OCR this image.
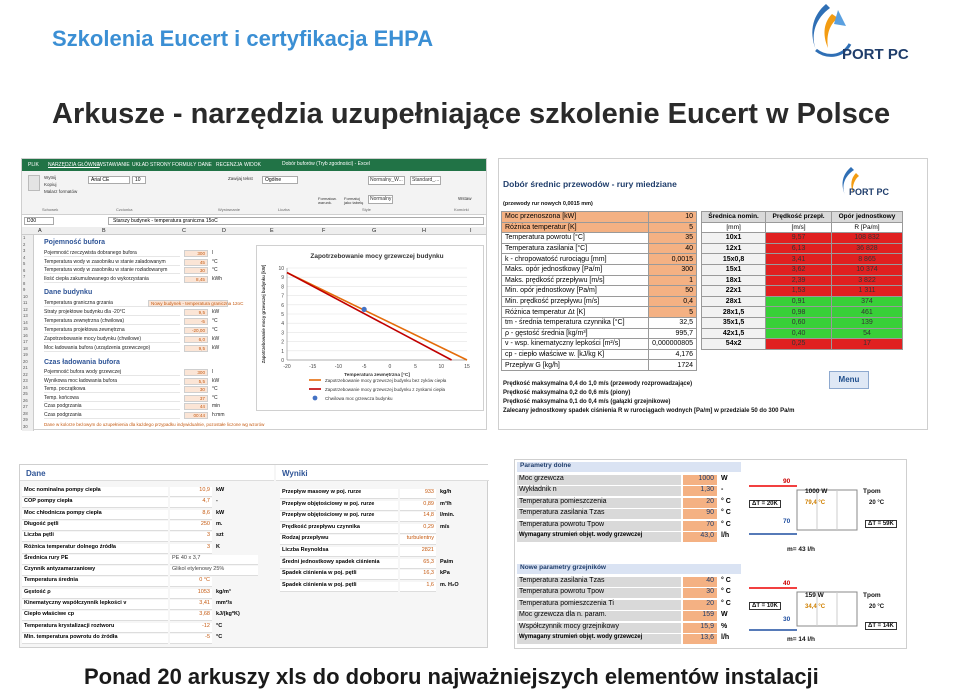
Szkolenia Eucert i certyfikacja EHPA
PORT PC
Arkusze - narzędzia uzupełniające szkolenie Eucert w Polsce
Dobór buforów (Tryb zgodności) - Excel
PLIK NARZĘDZIA GŁÓWNE
WSTAWIANIE UKŁAD STRONY FORMUŁY DANE RECENZJA WIDOK
Wytnij
Kopiuj
Malarz formatów
Arial CE	10	Zawijaj tekst	Ogólne	Normalny_W...	Standard_...
Formatow. warunk.
Formatuj jako tabelę
Normalny	Wstaw
Schowek	Czcionka	Wyrównanie	Liczba	Style	Komórki
D30	Starszy budynek - temperatura graniczna 15oC
A	B	C	D	E	F	G	H	I
1
2
3
4
5
6
7
8
9
10
11
12
13
14
15
16
17
18
19
20
21
22
23
24
25
26
27
28
29
30
Pojemność bufora
Pojemność rzeczywista dobranego bufora	300	l
Temperatura wody w zasobniku w stanie załadowanym	45	°C
Temperatura wody w zasobniku w stanie rozładowanym	30	°C
Ilość ciepła zakumulowanego do wykorzystania	8,45	kWh
Dane budynku
Temperatura graniczna grzania	Nowy budynek - temperatura graniczna 12oC
Straty projektowe budynku dla -20°C	9,5	kW
Temperatura zewnętrzna (chwilowa)	-5	°C
Temperatura projektowa zewnętrzna	-20,00	°C
Zapotrzebowanie mocy budynku (chwilowe)	6,0	kW
Moc ładowania bufora (urządzenia grzewczego)	9,5	kW
Czas ładowania bufora
Pojemność bufora wody grzewczej	300	l
Wynikowa moc ładowania bufora	5,5	kW
Temp. początkowa	30	°C
Temp. końcowa	37	°C
Czas podgrzania	44	min
Czas podgrzania	00:44	h:mm
Dane w kolorze beżowym do uzupełnienia dla każdego przypadku indywidualnie, pozostałe liczone wg wzorów
Zapotrzebowanie mocy grzewczej budynku
0
1
2
3
4
5
6
7
8
9
10
-20	-15	-10	-5	0	5	10	15
Temperatura zewnętrzna [°C]
Zapotrzebowanie mocy grzewczej budynku [kW]
Zapotrzebowanie mocy grzewczej budynku bez zyków ciepła
Zapotrzebowanie mocy grzewczej budynku z zyskami ciepła
Chwilowa moc grzewcza budynku
Dobór średnic przewodów - rury miedziane
(przewody rur nowych 0,0015 mm)
PORT PC
Moc przenoszona [kW]	10
Różnica temperatur [K]	5
Temperatura powrotu [°C]	35
Temperatura zasilania [°C]	40
k - chropowatość rurociągu [mm]	0,0015
Maks. opór jednostkowy [Pa/m]	300
Maks. prędkość przepływu [m/s]	1
Min. opór jednostkowy [Pa/m]	50
Min. prędkość przepływu [m/s]	0,4
Różnica temperatur Δt [K]	5
tm - średnia temperatura czynnika [°C]	32,5
ρ - gęstość średnia [kg/m³]	995,7
ν - wsp. kinematyczny lepkości [m²/s]	0,000000805
cp - ciepło właściwe w. [kJ/kg K]	4,176
Przepływ G [kg/h]	1724
Średnica nomin.	Prędkość przepł.	Opór jednostkowy
[mm]	[m/s]	R [Pa/m]
10x1	9,57	108 832
12x1	6,13	36 828
15x0,8	3,41	8 865
15x1	3,62	10 374
18x1	2,39	3 822
22x1	1,53	1 311
28x1	0,91	374
28x1,5	0,98	461
35x1,5	0,60	139
42x1,5	0,40	54
54x2	0,25	17
Prędkość maksymalna 0,4 do 1,0 m/s (przewody rozprowadzające)
Prędkość maksymalna 0,2 do 0,6 m/s (piony)
Prędkość maksymalna 0,1 do 0,4 m/s (gałązki grzejnikowe)
Zalecany jednostkowy spadek ciśnienia R w rurociągach wodnych [Pa/m] w przedziale 50 do 300 Pa/m
Menu
Dane	Wyniki
Moc nominalna pompy ciepła	10,9	kW
COP pompy ciepła	4,7	-
Moc chłodnicza pompy ciepła	8,6	kW
Długość pętli	250	m.
Liczba pętli	3	szt
Różnica temperatur dolnego źródła	3	K
Średnica rury PE	PE 40 x 3,7
Czynnik antyzamarzaniowy	Glikol etylenowy 25%
Temperatura średnia	0 °C
Gęstość ρ	1053	kg/m³
Kinematyczny współczynnik lepkości ν	3,41	mm²/s
Ciepło właściwe cp	3,68	kJ/(kg*K)
Temperatura krystalizacji roztworu	-12	°C
Min. temperatura powrotu do źródła	-5	°C
Przepływ masowy w poj. rurze	933	kg/h
Przepływ objętościowy w poj. rurze	0,89	m³/h
Przepływ objętościowy w poj. rurze	14,8	l/min.
Prędkość przepływu czynnika	0,29	m/s
Rodzaj przepływu	turbulentny
Liczba Reynoldsa	2821
Średni jednostkowy spadek ciśnienia	65,3	Pa/m
Spadek ciśnienia w poj. pętli	16,3	kPa
Spadek ciśnienia w poj. pętli	1,6	m. H₂O
Parametry dolne
Moc grzewcza	1000	W
Wykładnik n	1,30	-
Temperatura pomieszczenia	20	° C
Temperatura zasilania Tzas	90	° C
Temperatura powrotu Tpow	70	° C
Wymagany strumień objęt. wody grzewczej	43,0	l/h
Nowe parametry grzejników
Temperatura zasilania Tzas	40	° C
Temperatura powrotu Tpow	30	° C
Temperatura pomieszczenia Ti	20	° C
Moc grzewcza dla n. param.	159	W
Współczynnik mocy grzejnikowy	15,9	%
Wymagany strumień objęt. wody grzewczej	13,6	l/h
90
1000 W
ΔT = 20K	79,4 °C
70
Tpom
20 °C
ΔT = 59K
m= 43 l/h
40
159 W
ΔT = 10K	34,4 °C
30
Tpom
20 °C
ΔT = 14K
m= 14 l/h
Ponad 20 arkuszy xls do doboru najważniejszych elementów instalacji
